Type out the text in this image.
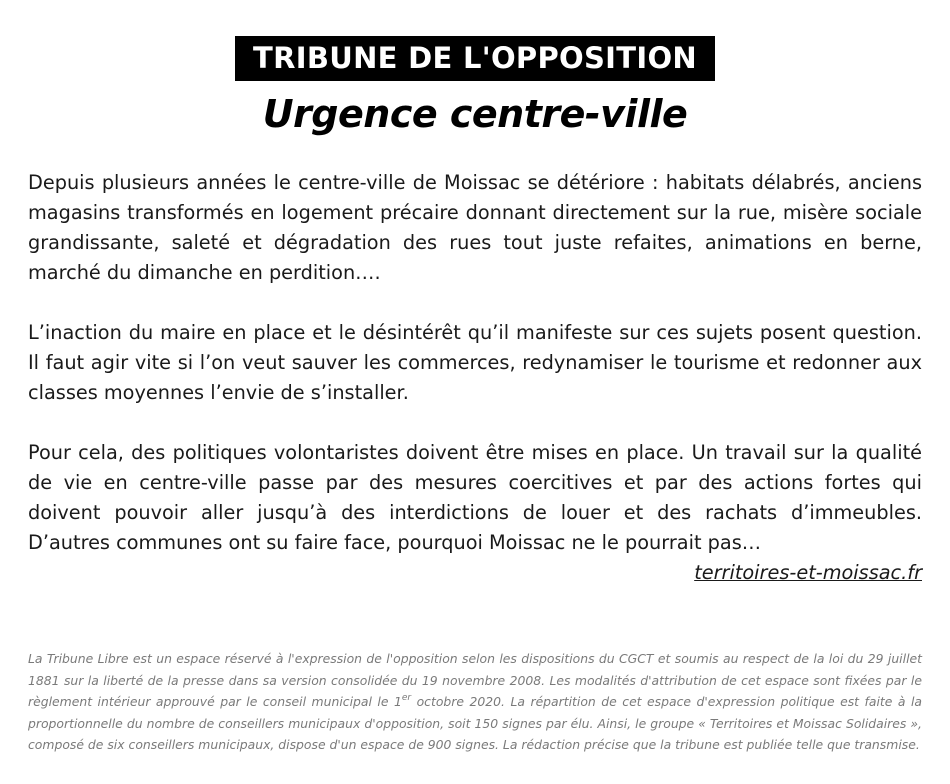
TRIBUNE DE L'OPPOSITION
Urgence centre-ville

Depuis plusieurs années le centre-ville de Moissac se détériore : habitats délabrés, anciens magasins transformés en logement précaire donnant directement sur la rue, misère sociale grandissante, saleté et dégradation des rues tout juste refaites, animations en berne, marché du dimanche en perdition….

L’inaction du maire en place et le désintérêt qu’il manifeste sur ces sujets posent question. Il faut agir vite si l’on veut sauver les commerces, redynamiser le tourisme et redonner aux classes moyennes l’envie de s’installer.

Pour cela, des politiques volontaristes doivent être mises en place. Un travail sur la qualité de vie en centre-ville passe par des mesures coercitives et par des actions fortes qui doivent pouvoir aller jusqu’à des interdictions de louer et des rachats d’immeubles. D’autres communes ont su faire face, pourquoi Moissac ne le pourrait pas…

territoires-et-moissac.fr
La Tribune Libre est un espace réservé à l'expression de l'opposition selon les dispositions du CGCT et soumis au respect de la loi du 29 juillet 1881 sur la liberté de la presse dans sa version consolidée du 19 novembre 2008. Les modalités d'attribution de cet espace sont fixées par le règlement intérieur approuvé par le conseil municipal le 1er octobre 2020. La répartition de cet espace d'expression politique est faite à la proportionnelle du nombre de conseillers municipaux d'opposition, soit 150 signes par élu. Ainsi, le groupe « Territoires et Moissac Solidaires », composé de six conseillers municipaux, dispose d'un espace de 900 signes. La rédaction précise que la tribune est publiée telle que transmise.
